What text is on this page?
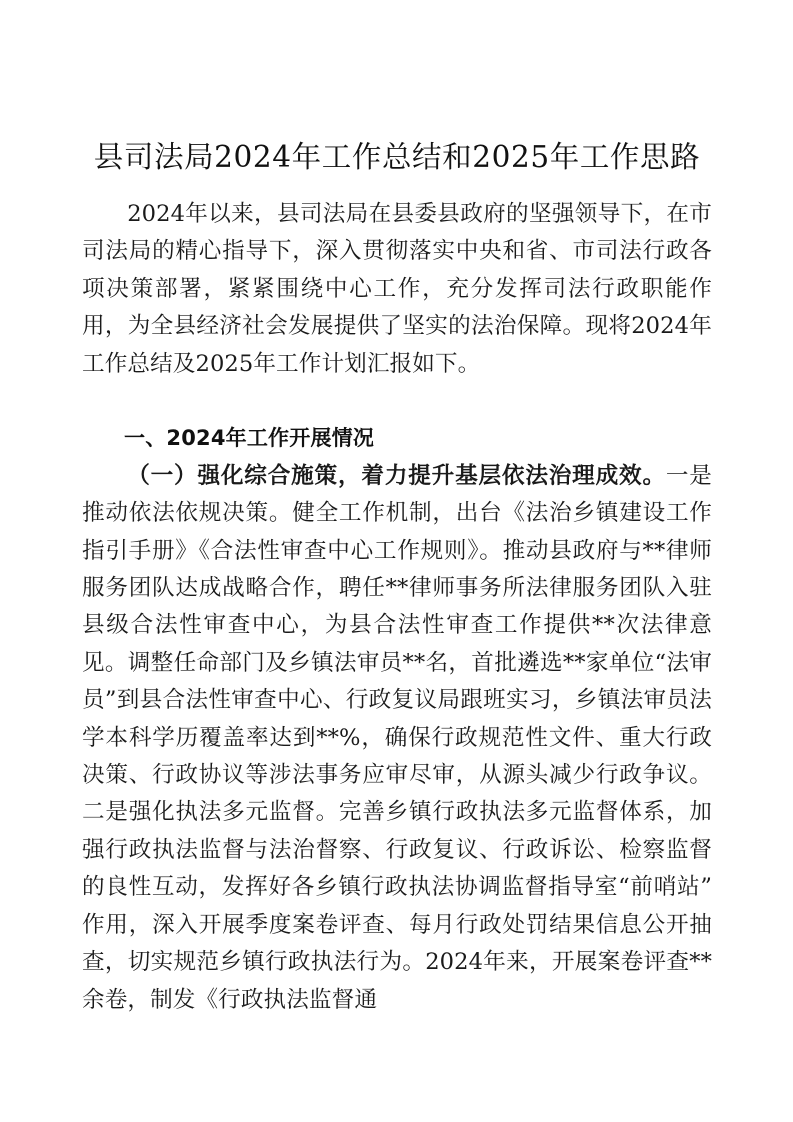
县司法局2024年工作总结和2025年工作思路

2024年以来，县司法局在县委县政府的坚强领导下，在市司法局的精心指导下，深入贯彻落实中央和省、市司法行政各项决策部署，紧紧围绕中心工作，充分发挥司法行政职能作用，为全县经济社会发展提供了坚实的法治保障。现将2024年工作总结及2025年工作计划汇报如下。

一、2024年工作开展情况

（一）强化综合施策，着力提升基层依法治理成效。一是推动依法依规决策。健全工作机制，出台《法治乡镇建设工作指引手册》《合法性审查中心工作规则》。推动县政府与**律师服务团队达成战略合作，聘任**律师事务所法律服务团队入驻县级合法性审查中心，为县合法性审查工作提供**次法律意见。调整任命部门及乡镇法审员**名，首批遴选**家单位“法审员”到县合法性审查中心、行政复议局跟班实习，乡镇法审员法学本科学历覆盖率达到**%，确保行政规范性文件、重大行政决策、行政协议等涉法事务应审尽审，从源头减少行政争议。二是强化执法多元监督。完善乡镇行政执法多元监督体系，加强行政执法监督与法治督察、行政复议、行政诉讼、检察监督的良性互动，发挥好各乡镇行政执法协调监督指导室“前哨站”作用，深入开展季度案卷评查、每月行政处罚结果信息公开抽查，切实规范乡镇行政执法行为。2024年来，开展案卷评查**余卷，制发《行政执法监督通
